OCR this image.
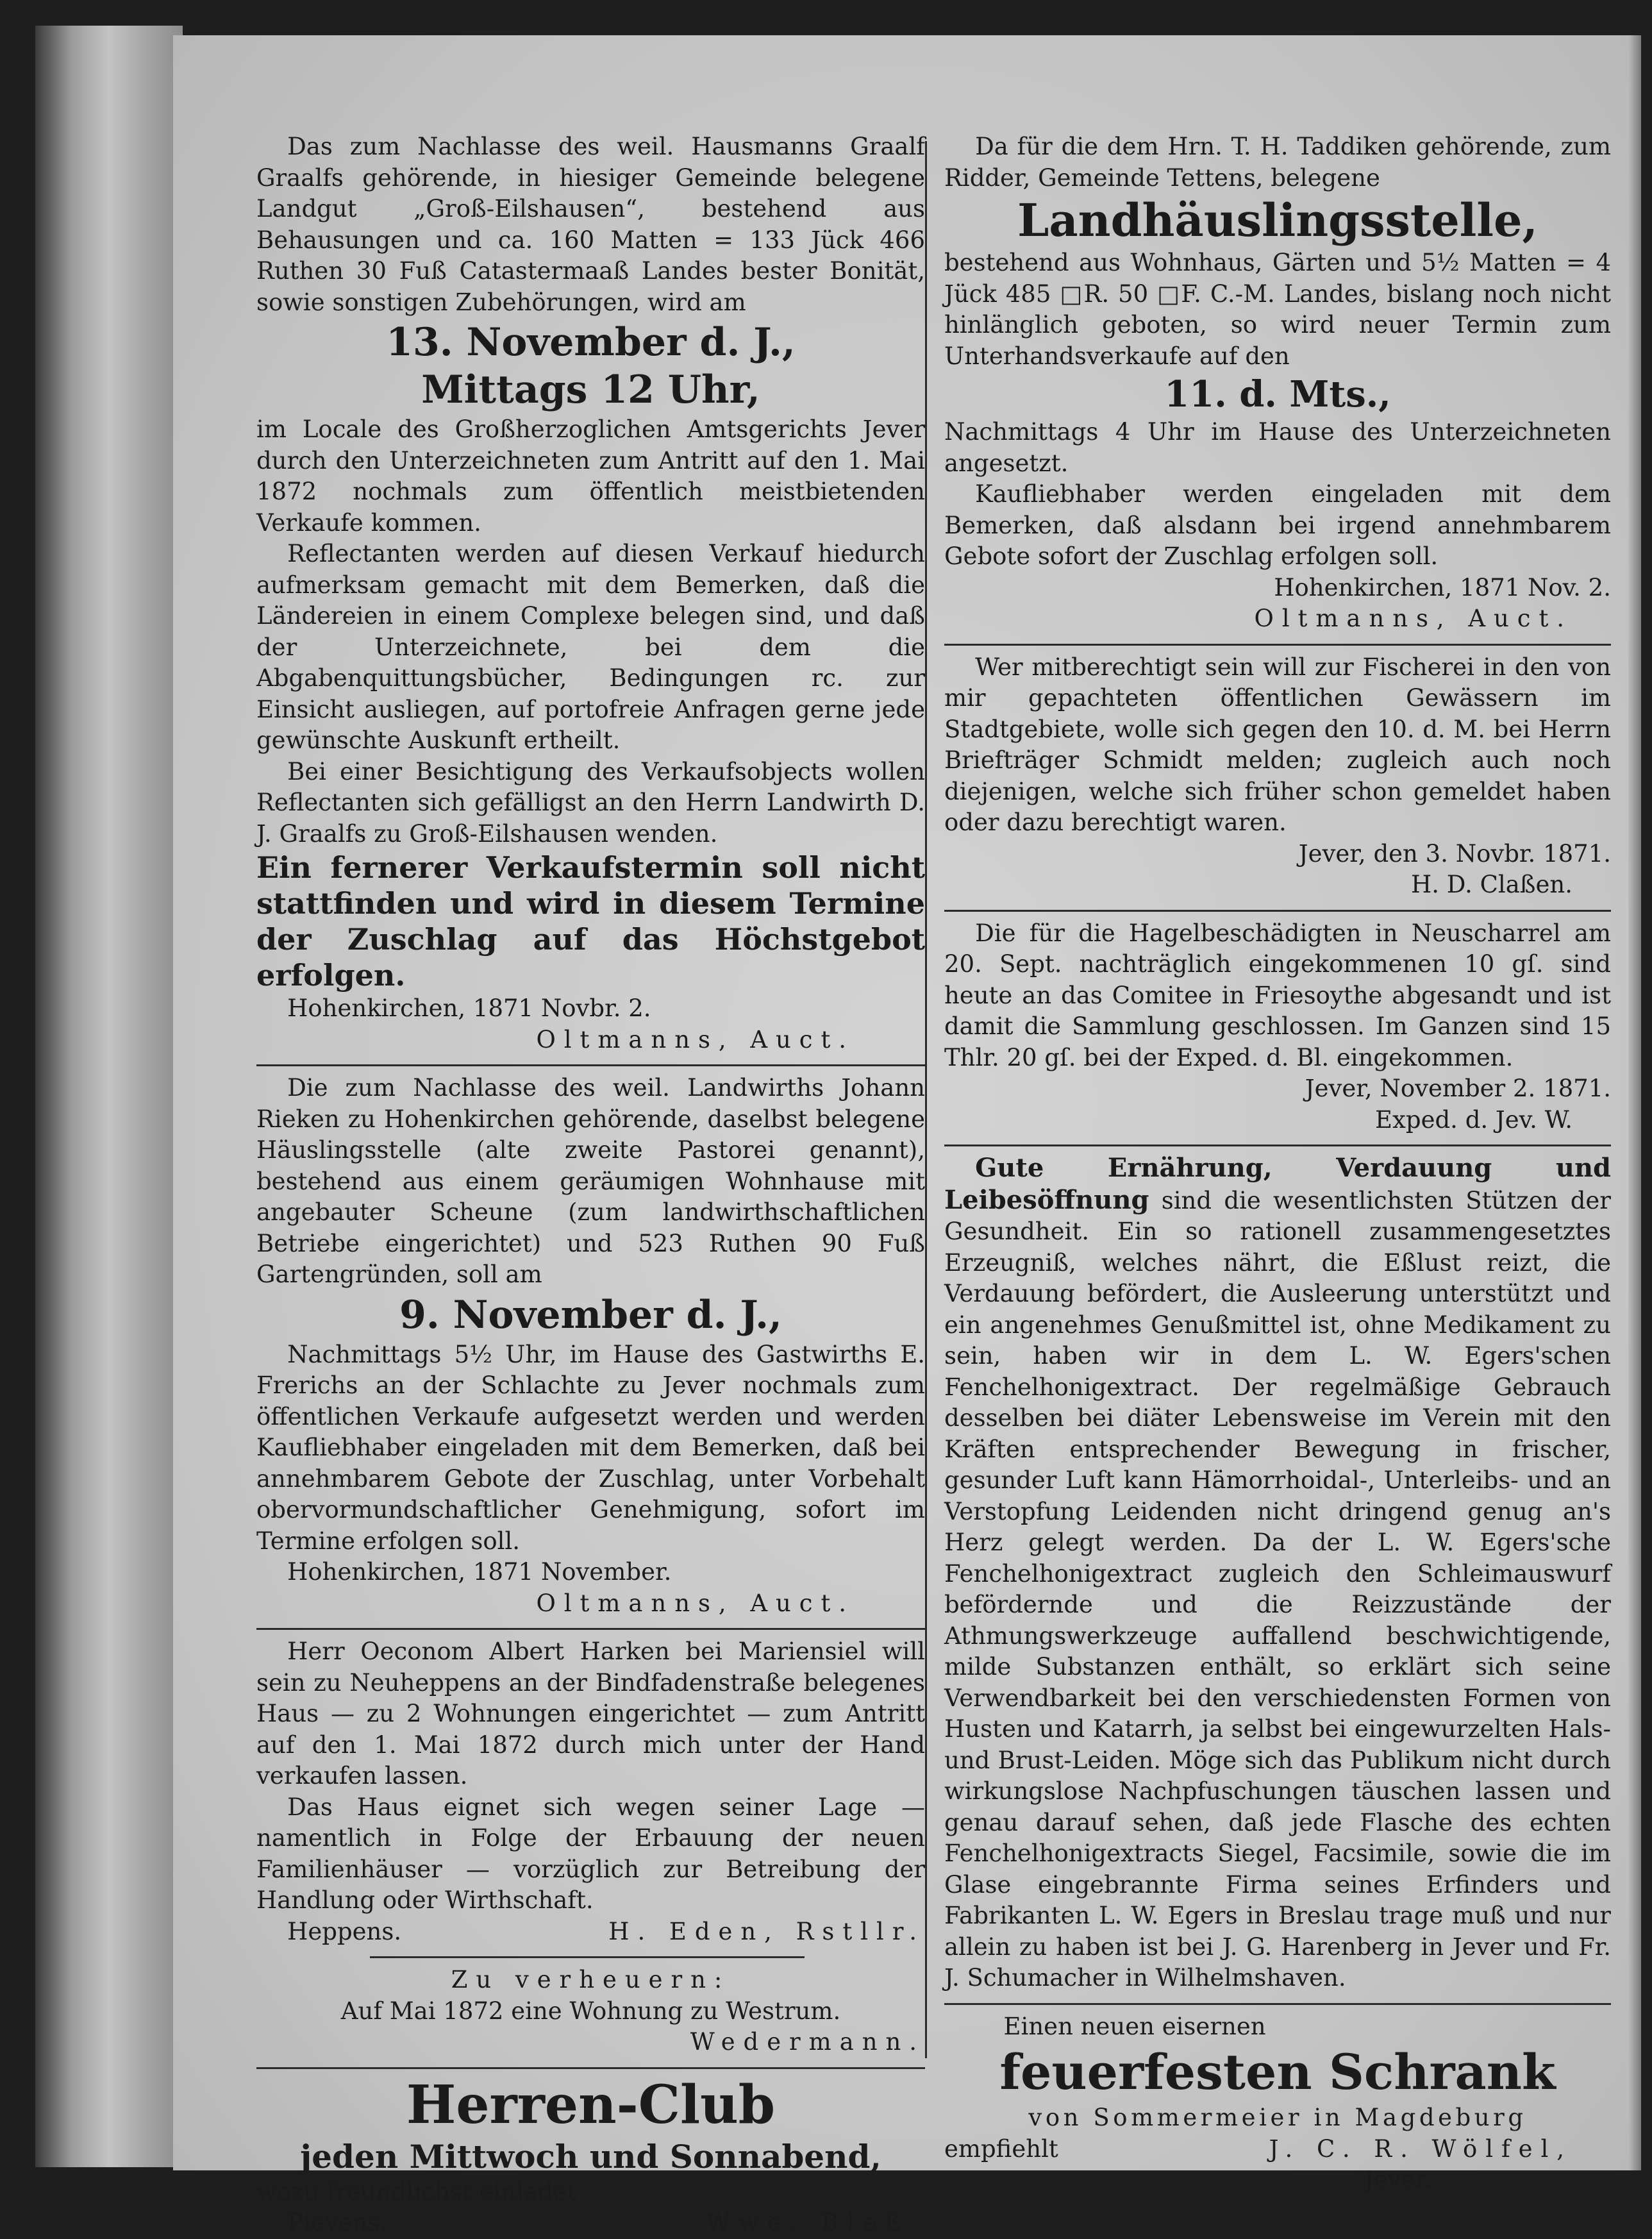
Das zum Nachlasse des weil. Hausmanns Graalf Graalfs gehörende, in hiesiger Gemeinde belegene Landgut „Groß-Eilshausen“, bestehend aus Behausungen und ca. 160 Matten = 133 Jück 466 Ruthen 30 Fuß Catastermaaß Landes bester Bonität, sowie sonstigen Zubehörungen, wird am

13. November d. J.,

Mittags 12 Uhr,

im Locale des Großherzoglichen Amtsgerichts Jever durch den Unterzeichneten zum Antritt auf den 1. Mai 1872 nochmals zum öffentlich meistbietenden Verkaufe kommen.

Reflectanten werden auf diesen Verkauf hiedurch aufmerksam gemacht mit dem Bemerken, daß die Ländereien in einem Complexe belegen sind, und daß der Unterzeichnete, bei dem die Abgabenquittungsbücher, Bedingungen rc. zur Einsicht ausliegen, auf portofreie Anfragen gerne jede gewünschte Auskunft ertheilt.

Bei einer Besichtigung des Verkaufsobjects wollen Reflectanten sich gefälligst an den Herrn Landwirth D. J. Graalfs zu Groß-Eilshausen wenden.

Ein fernerer Verkaufstermin soll nicht stattfinden und wird in diesem Termine der Zuschlag auf das Höchstgebot erfolgen.

Hohenkirchen, 1871 Novbr. 2.

Oltmanns, Auct.

Die zum Nachlasse des weil. Landwirths Johann Rieken zu Hohenkirchen gehörende, daselbst belegene Häuslingsstelle (alte zweite Pastorei genannt), bestehend aus einem geräumigen Wohnhause mit angebauter Scheune (zum landwirthschaftlichen Betriebe eingerichtet) und 523 Ruthen 90 Fuß Gartengründen, soll am

9. November d. J.,

Nachmittags 5½ Uhr, im Hause des Gastwirths E. Frerichs an der Schlachte zu Jever nochmals zum öffentlichen Verkaufe aufgesetzt werden und werden Kaufliebhaber eingeladen mit dem Bemerken, daß bei annehmbarem Gebote der Zuschlag, unter Vorbehalt obervormundschaftlicher Genehmigung, sofort im Termine erfolgen soll.

Hohenkirchen, 1871 November.

Oltmanns, Auct.

Herr Oeconom Albert Harken bei Mariensiel will sein zu Neuheppens an der Bindfadenstraße belegenes Haus — zu 2 Wohnungen eingerichtet — zum Antritt auf den 1. Mai 1872 durch mich unter der Hand verkaufen lassen.

Das Haus eignet sich wegen seiner Lage — namentlich in Folge der Erbauung der neuen Familienhäuser — vorzüglich zur Betreibung der Handlung oder Wirthschaft.

Heppens.	H. Eden, Rstllr.

Zu verheuern:

Auf Mai 1872 eine Wohnung zu Westrum.

Wedermann.

Herren-Club

jeden Mittwoch und Sonnabend,

wozu freundlichst einladet

Pievens.	Wwe. Bleß.

Da für die dem Hrn. T. H. Taddiken gehörende, zum Ridder, Gemeinde Tettens, belegene

Landhäuslingsstelle,

bestehend aus Wohnhaus, Gärten und 5½ Matten = 4 Jück 485 □R. 50 □F. C.-M. Landes, bislang noch nicht hinlänglich geboten, so wird neuer Termin zum Unterhandsverkaufe auf den

11. d. Mts.,

Nachmittags 4 Uhr im Hause des Unterzeichneten angesetzt.

Kaufliebhaber werden eingeladen mit dem Bemerken, daß alsdann bei irgend annehmbarem Gebote sofort der Zuschlag erfolgen soll.

Hohenkirchen, 1871 Nov. 2.

Oltmanns, Auct.

Wer mitberechtigt sein will zur Fischerei in den von mir gepachteten öffentlichen Gewässern im Stadtgebiete, wolle sich gegen den 10. d. M. bei Herrn Briefträger Schmidt melden; zugleich auch noch diejenigen, welche sich früher schon gemeldet haben oder dazu berechtigt waren.

Jever, den 3. Novbr. 1871.

H. D. Claßen.

Die für die Hagelbeschädigten in Neuscharrel am 20. Sept. nachträglich eingekommenen 10 gſ. sind heute an das Comitee in Friesoythe abgesandt und ist damit die Sammlung geschlossen. Im Ganzen sind 15 Thlr. 20 gſ. bei der Exped. d. Bl. eingekommen.

Jever, November 2. 1871.

Exped. d. Jev. W.

Gute Ernährung, Verdauung und Leibesöffnung sind die wesentlichsten Stützen der Gesundheit. Ein so rationell zusammengesetztes Erzeugniß, welches nährt, die Eßlust reizt, die Verdauung befördert, die Ausleerung unterstützt und ein angenehmes Genußmittel ist, ohne Medikament zu sein, haben wir in dem L. W. Egers'schen Fenchelhonigextract. Der regelmäßige Gebrauch desselben bei diäter Lebensweise im Verein mit den Kräften entsprechender Bewegung in frischer, gesunder Luft kann Hämorrhoidal-, Unterleibs- und an Verstopfung Leidenden nicht dringend genug an's Herz gelegt werden. Da der L. W. Egers'sche Fenchelhonigextract zugleich den Schleimauswurf befördernde und die Reizzustände der Athmungswerkzeuge auffallend beschwichtigende, milde Substanzen enthält, so erklärt sich seine Verwendbarkeit bei den verschiedensten Formen von Husten und Katarrh, ja selbst bei eingewurzelten Hals- und Brust-Leiden. Möge sich das Publikum nicht durch wirkungslose Nachpfuschungen täuschen lassen und genau darauf sehen, daß jede Flasche des echten Fenchelhonigextracts Siegel, Facsimile, sowie die im Glase eingebrannte Firma seines Erfinders und Fabrikanten L. W. Egers in Breslau trage muß und nur allein zu haben ist bei J. G. Harenberg in Jever und Fr. J. Schumacher in Wilhelmshaven.

Einen neuen eisernen

feuerfesten Schrank

von Sommermeier in Magdeburg

empfiehlt	J. C. R. Wölfel,

Jever.
